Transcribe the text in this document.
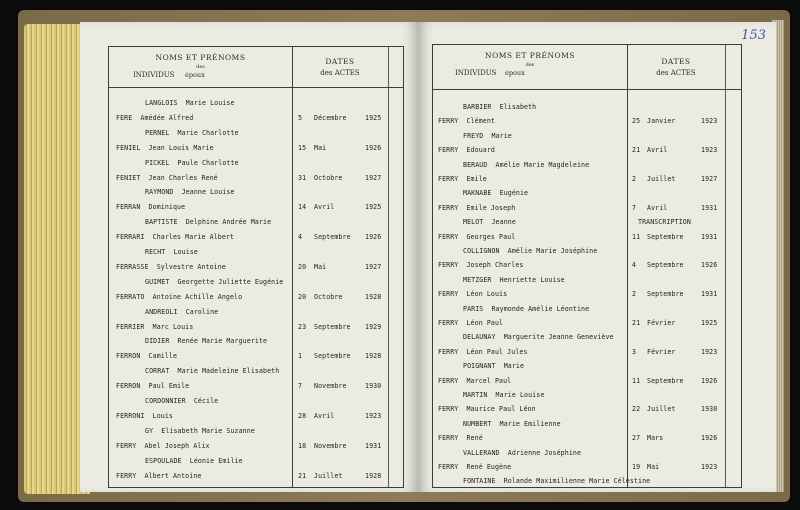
NOMS ET PRÉNOMS
des
INDIVIDUS époux
DATES
des ACTES
LANGLOIS  Marie Louise
FERE  Amédée Alfred	5 Décembre	1925
PERNEL  Marie Charlotte
FENIEL  Jean Louis Marie	15 Mai	1926
PICKEL  Paule Charlotte
FENIET  Jean Charles René	31 Octobre	1927
RAYMOND  Jeanne Louise
FERRAN  Dominique	14 Avril	1925
BAPTISTE  Delphine Andrée Marie
FERRARI  Charles Marie Albert	4 Septembre 1926
RECHT  Louise
FERRASSE  Sylvestre Antoine	20 Mai	1927
GUIMET  Georgette Juliette Eugénie
FERRATO  Antoine Achille Angelo	20 Octobre	1928
ANDREOLI  Caroline
FERRIER  Marc Louis	23 Septembre 1929
DIDIER  Renée Marie Marguerite
FERRON  Camille	1 Septembre 1928
CORRAT  Marie Madeleine Elisabeth
FERRON  Paul Emile	7 Novembre	1930
CORDONNIER  Cécile
FERRONI  Louis	28 Avril	1923
GY  Elisabeth Marie Suzanne
FERRY  Abel Joseph Alix	18 Novembre	1931
ESPOULADE  Léonie Emilie
FERRY  Albert Antoine	21 Juillet	1928
153
NOMS ET PRÉNOMS
des
INDIVIDUS époux
DATES
des ACTES
BARBIER  Elisabeth
FERRY  Clément	25 Janvier	1923
FREYD  Marie
FERRY  Edouard	21 Avril	1923
BERAUD  Amélie Marie Magdeleine
FERRY  Emile	2 Juillet	1927
MAKNABE  Eugénie
FERRY  Emile Joseph	7 Avril	1931
MELOT  Jeanne	TRANSCRIPTION
FERRY  Georges Paul	11 Septembre	1931
COLLIGNON  Amélie Marie Joséphine
FERRY  Joseph Charles	4 Septembre	1926
METZGER  Henriette Louise
FERRY  Léon Louis	2 Septembre	1931
PARIS  Raymonde Amélie Léontine
FERRY  Léon Paul	21 Février	1925
DELAUNAY  Marguerite Jeanne Geneviève
FERRY  Léon Paul Jules	3 Février	1923
POIGNANT  Marie
FERRY  Marcel Paul	11 Septembre	1926
MARTIN  Marie Louise
FERRY  Maurice Paul Léon	22 Juillet	1930
NUMBERT  Marie Emilienne
FERRY  René	27 Mars	1926
VALLERAND  Adrienne Joséphine
FERRY  René Eugène	19 Mai	1923
FONTAINE  Rolande Maximilienne Marie Célestine
